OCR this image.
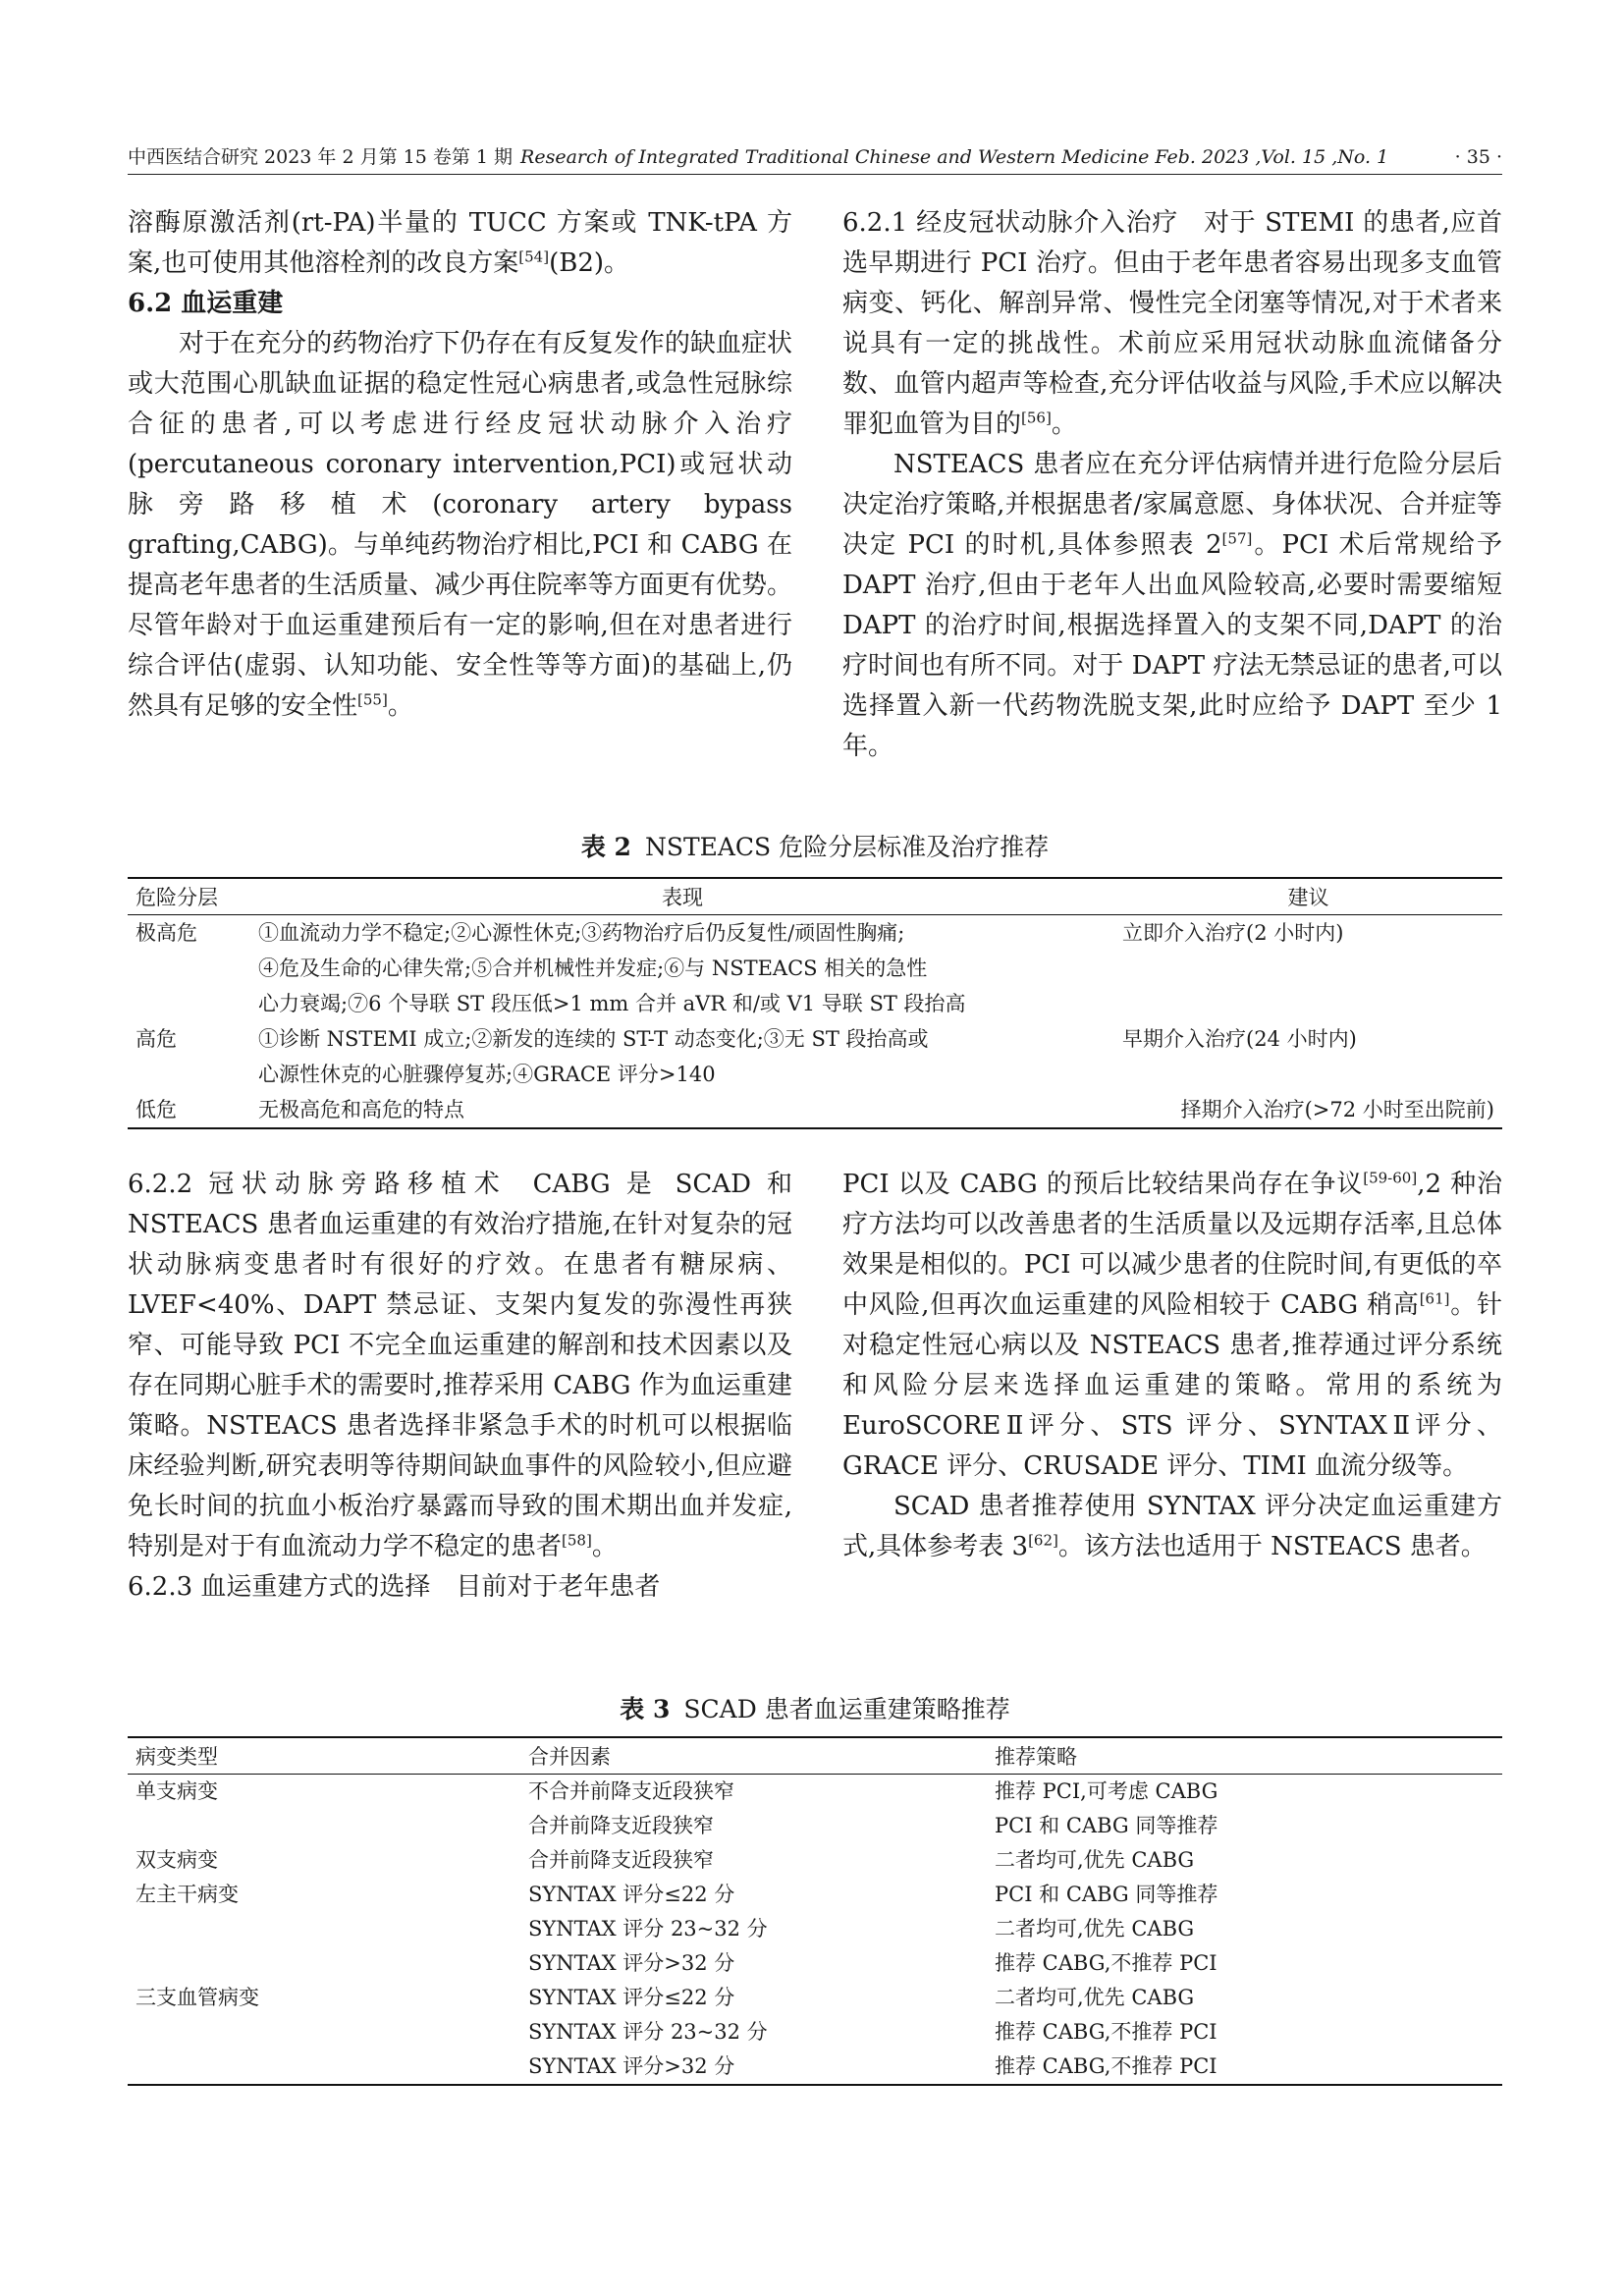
中西医结合研究 2023 年 2 月第 15 卷第 1 期 Research of Integrated Traditional Chinese and Western Medicine Feb. 2023 ,Vol. 15 ,No. 1	· 35 ·

溶酶原激活剂(rt-PA)半量的 TUCC 方案或 TNK-tPA 方案,也可使用其他溶栓剂的改良方案[54](B2)。

6.2 血运重建

对于在充分的药物治疗下仍存在有反复发作的缺血症状或大范围心肌缺血证据的稳定性冠心病患者,或急性冠脉综合征的患者,可以考虑进行经皮冠状动脉介入治疗(percutaneous coronary intervention,PCI)或冠状动脉旁路移植术(coronary artery bypass grafting,CABG)。与单纯药物治疗相比,PCI 和 CABG 在提高老年患者的生活质量、减少再住院率等方面更有优势。尽管年龄对于血运重建预后有一定的影响,但在对患者进行综合评估(虚弱、认知功能、安全性等等方面)的基础上,仍然具有足够的安全性[55]。

6.2.1 经皮冠状动脉介入治疗 对于 STEMI 的患者,应首选早期进行 PCI 治疗。但由于老年患者容易出现多支血管病变、钙化、解剖异常、慢性完全闭塞等情况,对于术者来说具有一定的挑战性。术前应采用冠状动脉血流储备分数、血管内超声等检查,充分评估收益与风险,手术应以解决罪犯血管为目的[56]。

NSTEACS 患者应在充分评估病情并进行危险分层后决定治疗策略,并根据患者/家属意愿、身体状况、合并症等决定 PCI 的时机,具体参照表 2[57]。PCI 术后常规给予 DAPT 治疗,但由于老年人出血风险较高,必要时需要缩短 DAPT 的治疗时间,根据选择置入的支架不同,DAPT 的治疗时间也有所不同。对于 DAPT 疗法无禁忌证的患者,可以选择置入新一代药物洗脱支架,此时应给予 DAPT 至少 1 年。

表 2 NSTEACS 危险分层标准及治疗推荐
危险分层	表现	建议
极高危	①血流动力学不稳定;②心源性休克;③药物治疗后仍反复性/顽固性胸痛;
④危及生命的心律失常;⑤合并机械性并发症;⑥与 NSTEACS 相关的急性
心力衰竭;⑦6 个导联 ST 段压低>1 mm 合并 aVR 和/或 V1 导联 ST 段抬高	立即介入治疗(2 小时内)
高危	①诊断 NSTEMI 成立;②新发的连续的 ST-T 动态变化;③无 ST 段抬高或
心源性休克的心脏骤停复苏;④GRACE 评分>140	早期介入治疗(24 小时内)
低危	无极高危和高危的特点	择期介入治疗(>72 小时至出院前)

6.2.2 冠状动脉旁路移植术 CABG 是 SCAD 和 NSTEACS 患者血运重建的有效治疗措施,在针对复杂的冠状动脉病变患者时有很好的疗效。在患者有糖尿病、LVEF<40%、DAPT 禁忌证、支架内复发的弥漫性再狭窄、可能导致 PCI 不完全血运重建的解剖和技术因素以及存在同期心脏手术的需要时,推荐采用 CABG 作为血运重建策略。NSTEACS 患者选择非紧急手术的时机可以根据临床经验判断,研究表明等待期间缺血事件的风险较小,但应避免长时间的抗血小板治疗暴露而导致的围术期出血并发症,特别是对于有血流动力学不稳定的患者[58]。

6.2.3 血运重建方式的选择 目前对于老年患者

PCI 以及 CABG 的预后比较结果尚存在争议[59-60],2 种治疗方法均可以改善患者的生活质量以及远期存活率,且总体效果是相似的。PCI 可以减少患者的住院时间,有更低的卒中风险,但再次血运重建的风险相较于 CABG 稍高[61]。针对稳定性冠心病以及 NSTEACS 患者,推荐通过评分系统和风险分层来选择血运重建的策略。常用的系统为 EuroSCOREⅡ评分、STS 评分、SYNTAXⅡ评分、GRACE 评分、CRUSADE 评分、TIMI 血流分级等。

SCAD 患者推荐使用 SYNTAX 评分决定血运重建方式,具体参考表 3[62]。该方法也适用于 NSTEACS 患者。

表 3 SCAD 患者血运重建策略推荐
病变类型	合并因素	推荐策略
单支病变	不合并前降支近段狭窄	推荐 PCI,可考虑 CABG
	合并前降支近段狭窄	PCI 和 CABG 同等推荐
双支病变	合并前降支近段狭窄	二者均可,优先 CABG
左主干病变	SYNTAX 评分≤22 分	PCI 和 CABG 同等推荐
	SYNTAX 评分 23~32 分	二者均可,优先 CABG
	SYNTAX 评分>32 分	推荐 CABG,不推荐 PCI
三支血管病变	SYNTAX 评分≤22 分	二者均可,优先 CABG
	SYNTAX 评分 23~32 分	推荐 CABG,不推荐 PCI
	SYNTAX 评分>32 分	推荐 CABG,不推荐 PCI
